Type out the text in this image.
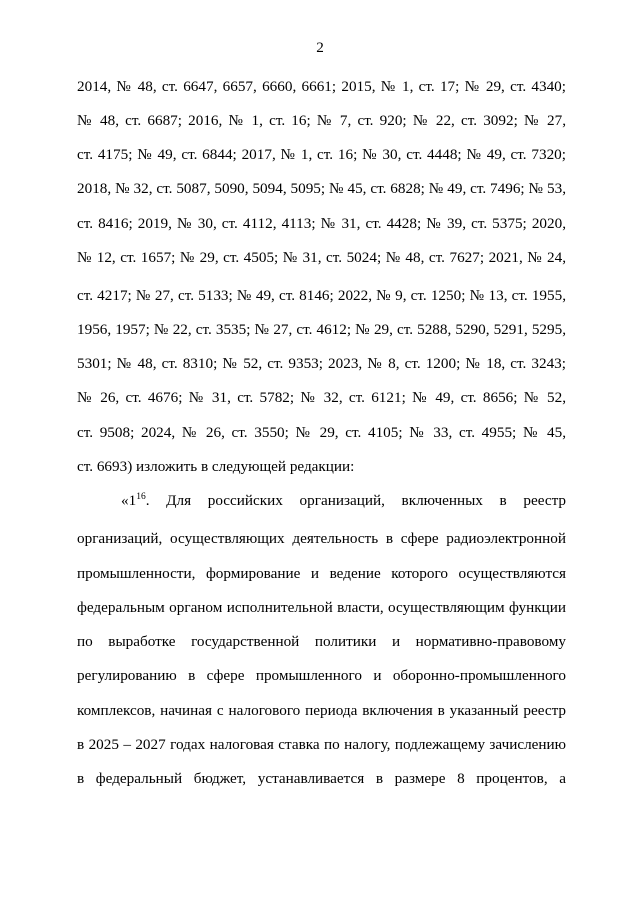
2
2014, № 48, ст. 6647, 6657, 6660, 6661; 2015, № 1, ст. 17; № 29, ст. 4340;
№ 48, ст. 6687; 2016, № 1, ст. 16; № 7, ст. 920; № 22, ст. 3092; № 27,
ст. 4175; № 49, ст. 6844; 2017, № 1, ст. 16; № 30, ст. 4448; № 49, ст. 7320;
2018, № 32, ст. 5087, 5090, 5094, 5095; № 45, ст. 6828; № 49, ст. 7496; № 53,
ст. 8416; 2019, № 30, ст. 4112, 4113; № 31, ст. 4428; № 39, ст. 5375; 2020,
№ 12, ст. 1657; № 29, ст. 4505; № 31, ст. 5024; № 48, ст. 7627; 2021, № 24,
ст. 4217; № 27, ст. 5133; № 49, ст. 8146; 2022, № 9, ст. 1250; № 13, ст. 1955,
1956, 1957; № 22, ст. 3535; № 27, ст. 4612; № 29, ст. 5288, 5290, 5291, 5295,
5301; № 48, ст. 8310; № 52, ст. 9353; 2023, № 8, ст. 1200; № 18, ст. 3243;
№ 26, ст. 4676; № 31, ст. 5782; № 32, ст. 6121; № 49, ст. 8656; № 52,
ст. 9508; 2024, № 26, ст. 3550; № 29, ст. 4105; № 33, ст. 4955; № 45,
ст. 6693) изложить в следующей редакции:
«$1^{16}$. Для российских организаций, включенных в реестр
организаций, осуществляющих деятельность в сфере радиоэлектронной
промышленности, формирование и ведение которого осуществляются
федеральным органом исполнительной власти, осуществляющим функции
по выработке государственной политики и нормативно-правовому
регулированию в сфере промышленного и оборонно-промышленного
комплексов, начиная с налогового периода включения в указанный реестр
в 2025 – 2027 годах налоговая ставка по налогу, подлежащему зачислению
в федеральный бюджет, устанавливается в размере 8 процентов, а
